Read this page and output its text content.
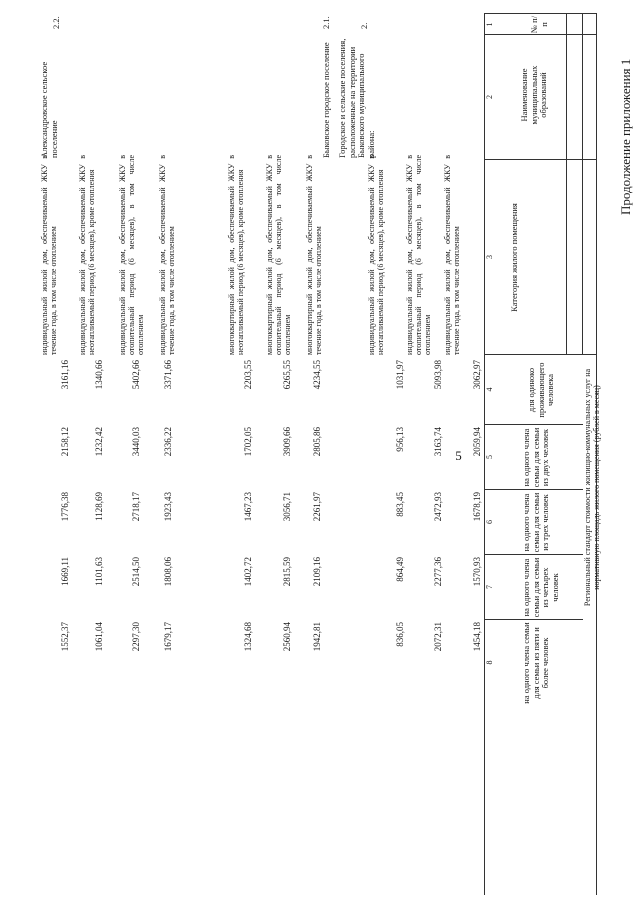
5
Продолжение приложения 1
№ п/п
Наименование муниципальных образований
Категория жилого помещения
Региональный стандарт стоимости жилищно-коммунальных услуг на нормативную площадь жилого помещения (рублей в месяц)
для одиноко проживающего человека
на одного члена семьи для семьи из двух человек
на одного члена семьи для семьи из трех человек
на одного члена семьи для семьи из четырех человек
на одного члена семьи для семьи из пяти и более человек
1
2
3
4
5
6
7
8
индивидуальный жилой дом, обеспечиваемый ЖКУ в течение года, в том числе отоплением
3062,97
2059,94
1678,19
1570,93
1454,18
индивидуальный жилой дом, обеспечиваемый ЖКУ в отопительный период (6 месяцев), в том числе отоплением
5093,98
3163,74
2472,93
2277,36
2072,31
индивидуальный жилой дом, обеспечиваемый ЖКУ в неотапливаемый период (6 месяцев), кроме отопления
1031,97
956,13
883,45
864,49
836,05
2.
Городское и сельские поселения, расположенные на территории Быковского муниципального района:
2.1.
Быковское городское поселение
многоквартирный жилой дом, обеспечиваемый ЖКУ в течение года, в том числе отоплением
4234,55
2805,86
2261,97
2109,16
1942,81
многоквартирный жилой дом, обеспечиваемый ЖКУ в отопительный период (6 месяцев), в том числе отоплением
6265,55
3909,66
3056,71
2815,59
2560,94
многоквартирный жилой дом, обеспечиваемый ЖКУ в неотапливаемый период (6 месяцев), кроме отопления
2203,55
1702,05
1467,23
1402,72
1324,68
индивидуальный жилой дом, обеспечиваемый ЖКУ в течение года, в том числе отоплением
3371,66
2336,22
1923,43
1808,06
1679,17
индивидуальный жилой дом, обеспечиваемый ЖКУ в отопительный период (6 месяцев), в том числе отоплением
5402,66
3440,03
2718,17
2514,50
2297,30
индивидуальный жилой дом, обеспечиваемый ЖКУ в неотапливаемый период (6 месяцев), кроме отопления
1340,66
1232,42
1128,69
1101,63
1061,04
2.2.
Александровское сельское поселение
индивидуальный жилой дом, обеспечиваемый ЖКУ в течение года, в том числе отоплением
3161,16
2158,12
1776,38
1669,11
1552,37
